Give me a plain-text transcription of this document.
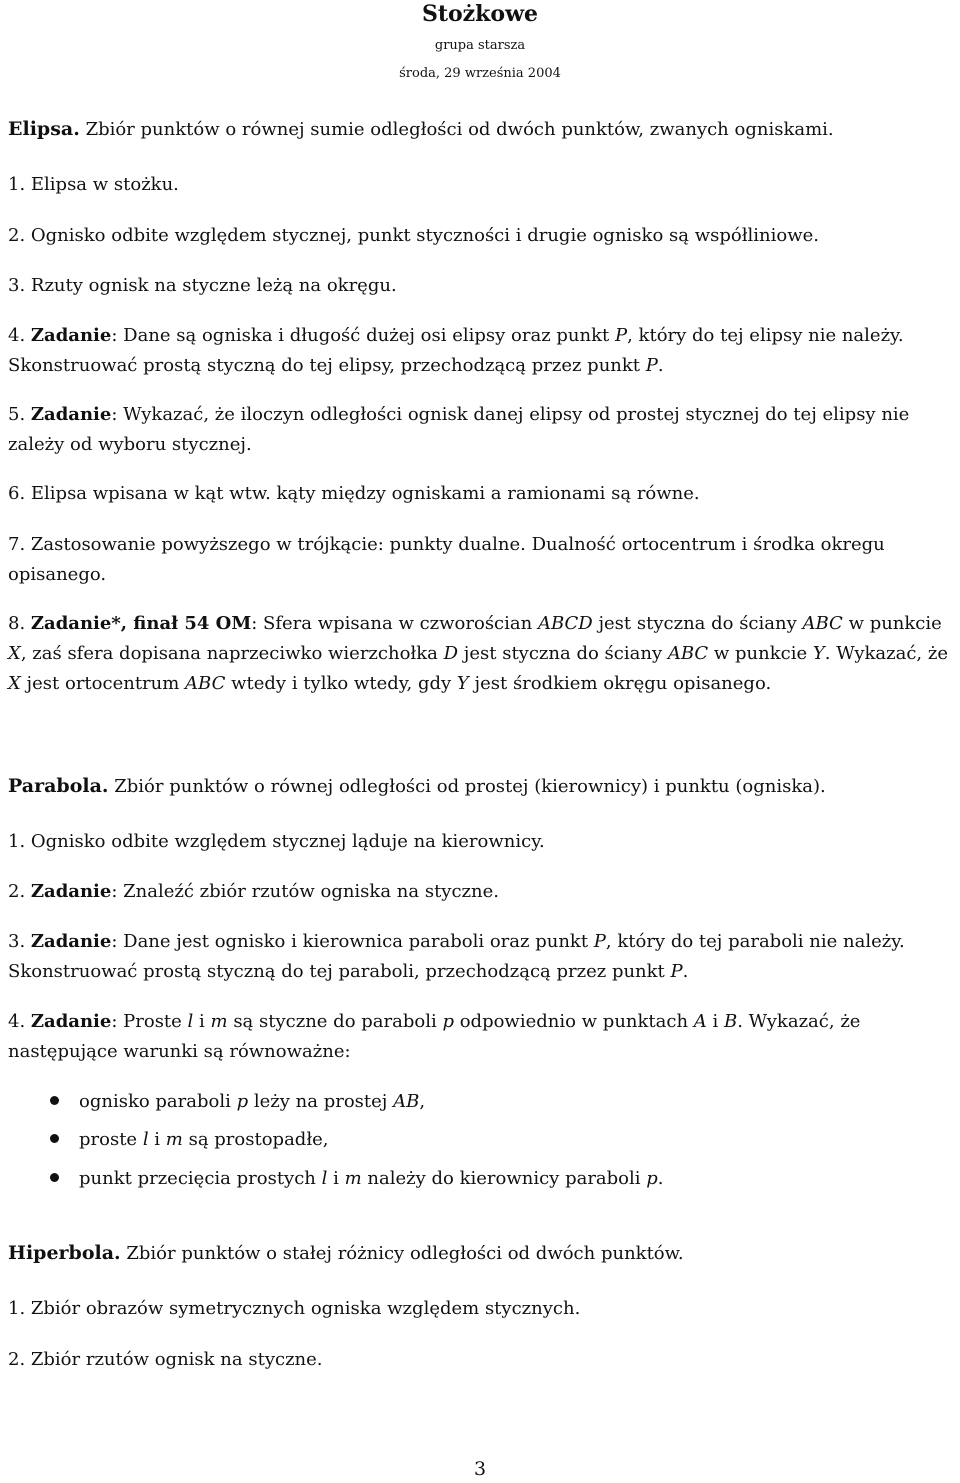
Stożkowe
grupa starsza
środa, 29 września 2004
Elipsa. Zbiór punktów o równej sumie odległości od dwóch punktów, zwanych ogniskami.
1. Elipsa w stożku.
2. Ognisko odbite względem stycznej, punkt styczności i drugie ognisko są współliniowe.
3. Rzuty ognisk na styczne leżą na okręgu.
4. Zadanie: Dane są ogniska i długość dużej osi elipsy oraz punkt P, który do tej elipsy nie należy. Skonstruować prostą styczną do tej elipsy, przechodzącą przez punkt P.
5. Zadanie: Wykazać, że iloczyn odległości ognisk danej elipsy od prostej stycznej do tej elipsy nie zależy od wyboru stycznej.
6. Elipsa wpisana w kąt wtw. kąty między ogniskami a ramionami są równe.
7. Zastosowanie powyższego w trójkącie: punkty dualne. Dualność ortocentrum i środka okregu opisanego.
8. Zadanie*, finał 54 OM: Sfera wpisana w czworościan ABCD jest styczna do ściany ABC w punkcie X, zaś sfera dopisana naprzeciwko wierzchołka D jest styczna do ściany ABC w punkcie Y. Wykazać, że X jest ortocentrum ABC wtedy i tylko wtedy, gdy Y jest środkiem okręgu opisanego.
Parabola. Zbiór punktów o równej odległości od prostej (kierownicy) i punktu (ogniska).
1. Ognisko odbite względem stycznej ląduje na kierownicy.
2. Zadanie: Znaleźć zbiór rzutów ogniska na styczne.
3. Zadanie: Dane jest ognisko i kierownica paraboli oraz punkt P, który do tej paraboli nie należy. Skonstruować prostą styczną do tej paraboli, przechodzącą przez punkt P.
4. Zadanie: Proste l i m są styczne do paraboli p odpowiednio w punktach A i B. Wykazać, że następujące warunki są równoważne:
ognisko paraboli p leży na prostej AB,
proste l i m są prostopadłe,
punkt przecięcia prostych l i m należy do kierownicy paraboli p.
Hiperbola. Zbiór punktów o stałej różnicy odległości od dwóch punktów.
1. Zbiór obrazów symetrycznych ogniska względem stycznych.
2. Zbiór rzutów ognisk na styczne.
3
